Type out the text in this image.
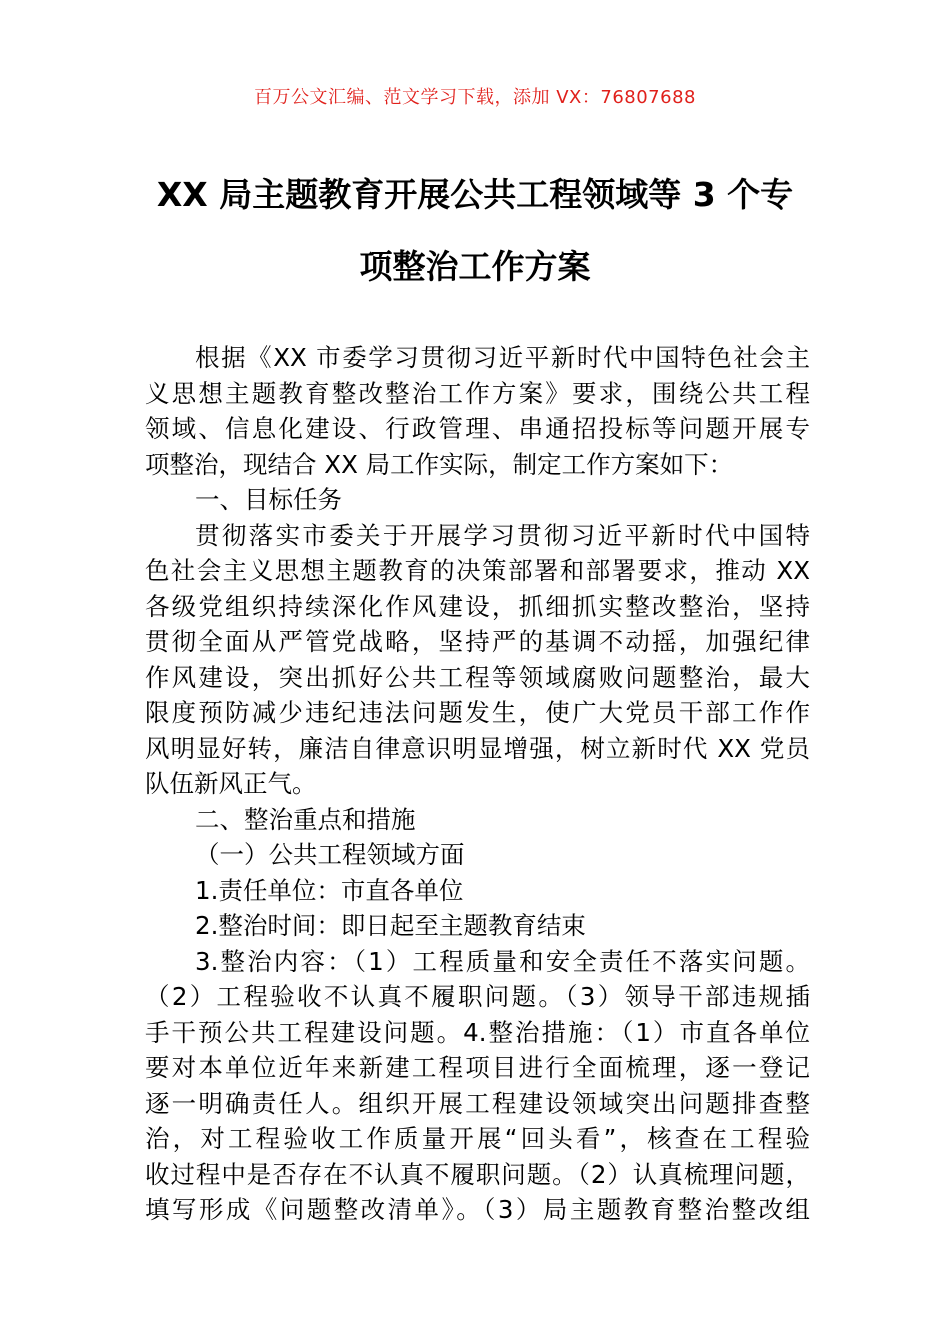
百万公文汇编、范文学习下载，添加 VX：76807688
XX 局主题教育开展公共工程领域等 3 个专
项整治工作方案
根据《XX 市委学习贯彻习近平新时代中国特色社会主
义思想主题教育整改整治工作方案》要求，围绕公共工程
领域、信息化建设、行政管理、串通招投标等问题开展专
项整治，现结合 XX 局工作实际，制定工作方案如下：
一、目标任务
贯彻落实市委关于开展学习贯彻习近平新时代中国特
色社会主义思想主题教育的决策部署和部署要求，推动 XX
各级党组织持续深化作风建设，抓细抓实整改整治，坚持
贯彻全面从严管党战略，坚持严的基调不动摇，加强纪律
作风建设，突出抓好公共工程等领域腐败问题整治，最大
限度预防减少违纪违法问题发生，使广大党员干部工作作
风明显好转，廉洁自律意识明显增强，树立新时代 XX 党员
队伍新风正气。
二、整治重点和措施
（一）公共工程领域方面
1.责任单位：市直各单位
2.整治时间：即日起至主题教育结束
3.整治内容：（1）工程质量和安全责任不落实问题。
（2）工程验收不认真不履职问题。（3）领导干部违规插
手干预公共工程建设问题。4.整治措施：（1）市直各单位
要对本单位近年来新建工程项目进行全面梳理，逐一登记
逐一明确责任人。组织开展工程建设领域突出问题排查整
治，对工程验收工作质量开展“回头看”，核查在工程验
收过程中是否存在不认真不履职问题。（2）认真梳理问题，
填写形成《问题整改清单》。（3）局主题教育整治整改组
